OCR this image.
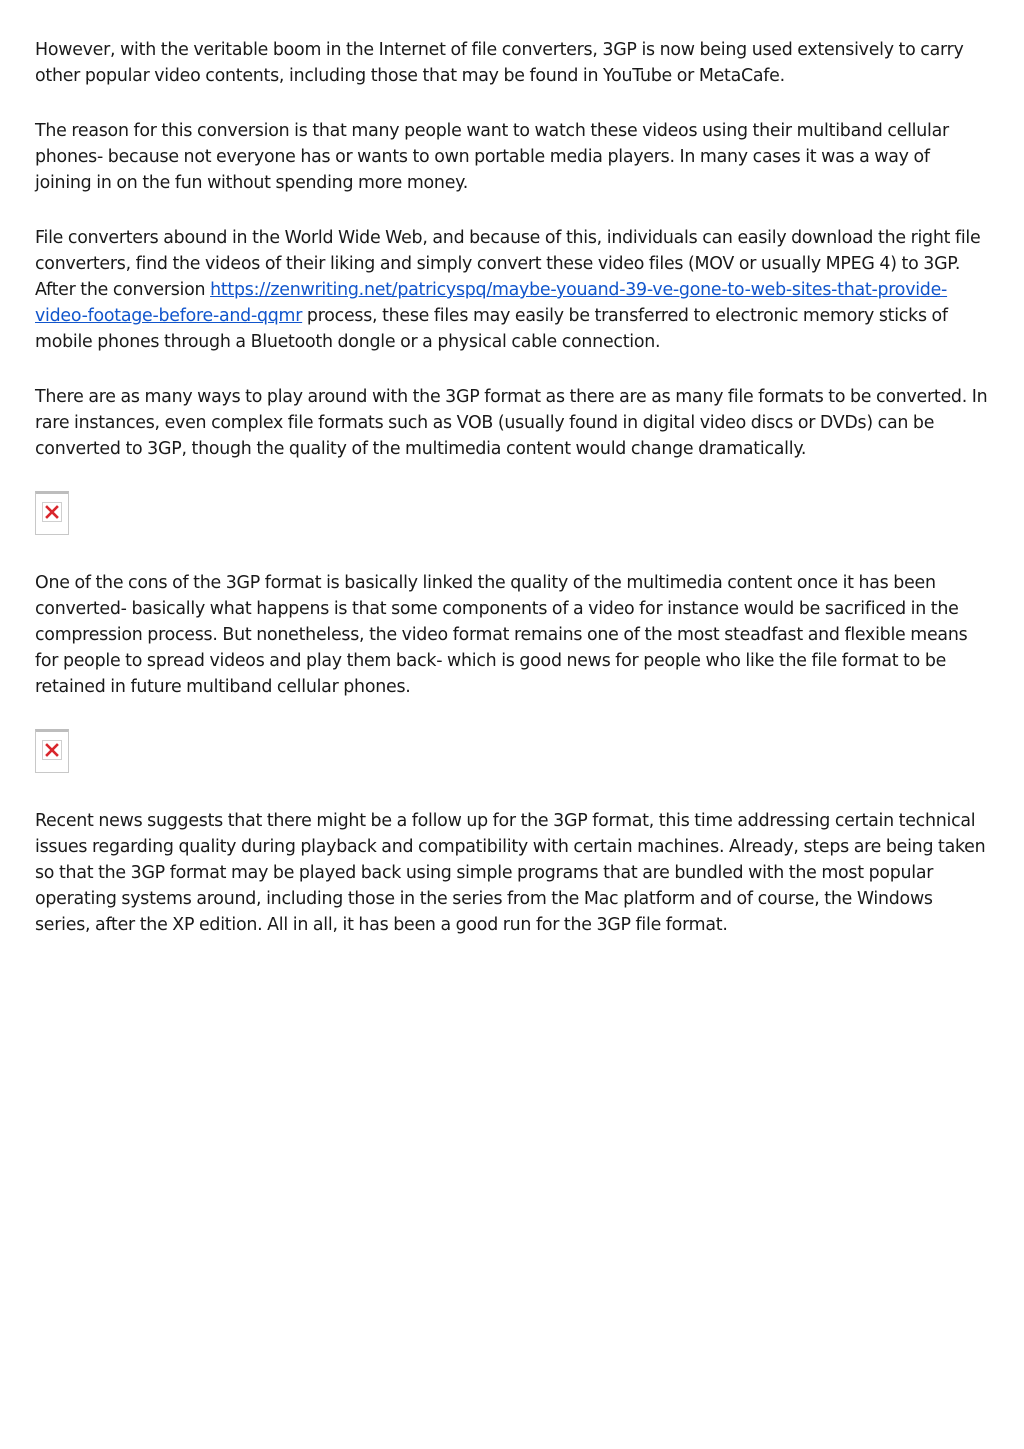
However, with the veritable boom in the Internet of file converters, 3GP is now being used extensively to carry other popular video contents, including those that may be found in YouTube or MetaCafe.

The reason for this conversion is that many people want to watch these videos using their multiband cellular phones- because not everyone has or wants to own portable media players. In many cases it was a way of joining in on the fun without spending more money.

File converters abound in the World Wide Web, and because of this, individuals can easily download the right file converters, find the videos of their liking and simply convert these video files (MOV or usually MPEG 4) to 3GP. After the conversion https://zenwriting.net/patricyspq/maybe-youand-39-ve-gone-to-web-sites-that-provide-video-footage-before-and-qqmr process, these files may easily be transferred to electronic memory sticks of mobile phones through a Bluetooth dongle or a physical cable connection.

There are as many ways to play around with the 3GP format as there are as many file formats to be converted. In rare instances, even complex file formats such as VOB (usually found in digital video discs or DVDs) can be converted to 3GP, though the quality of the multimedia content would change dramatically.

One of the cons of the 3GP format is basically linked the quality of the multimedia content once it has been converted- basically what happens is that some components of a video for instance would be sacrificed in the compression process. But nonetheless, the video format remains one of the most steadfast and flexible means for people to spread videos and play them back- which is good news for people who like the file format to be retained in future multiband cellular phones.

Recent news suggests that there might be a follow up for the 3GP format, this time addressing certain technical issues regarding quality during playback and compatibility with certain machines. Already, steps are being taken so that the 3GP format may be played back using simple programs that are bundled with the most popular operating systems around, including those in the series from the Mac platform and of course, the Windows series, after the XP edition. All in all, it has been a good run for the 3GP file format.
